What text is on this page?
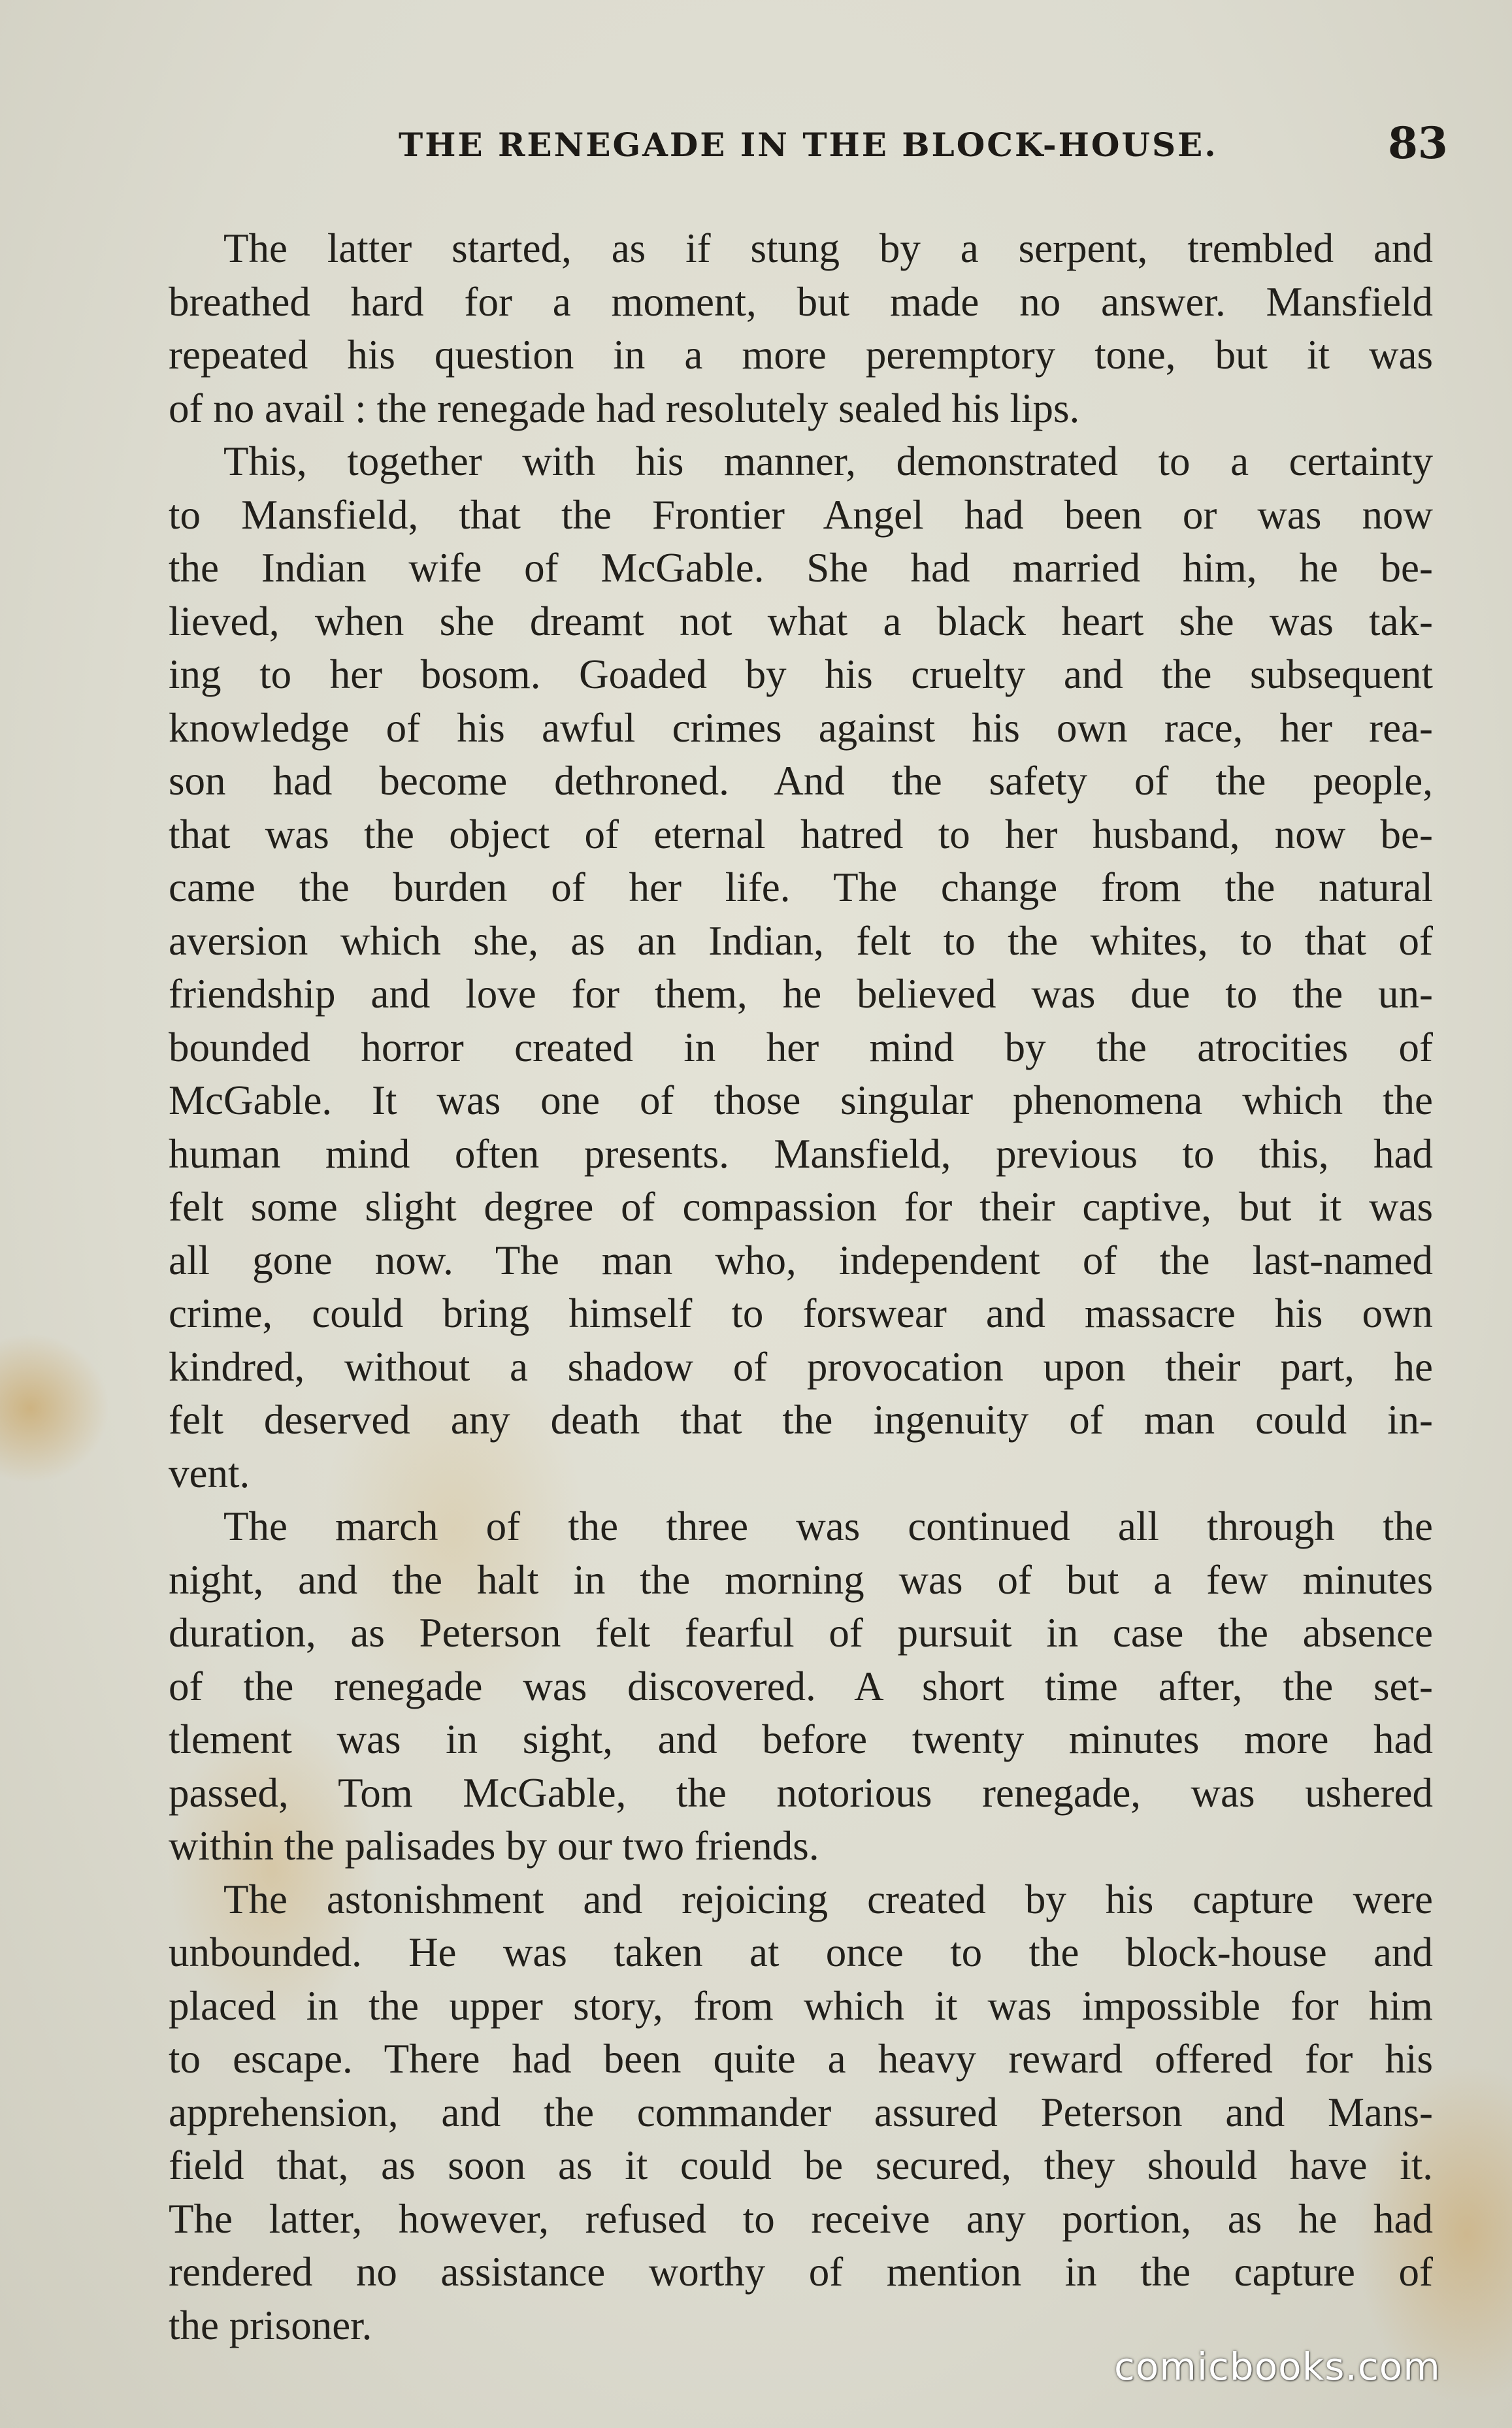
THE RENEGADE IN THE BLOCK-HOUSE.	83
The latter started, as if stung by a serpent, trembled and
breathed hard for a moment, but made no answer. Mansfield
repeated his question in a more peremptory tone, but it was
of no avail : the renegade had resolutely sealed his lips.
This, together with his manner, demonstrated to a certainty
to Mansfield, that the Frontier Angel had been or was now
the Indian wife of McGable. She had married him, he be-
lieved, when she dreamt not what a black heart she was tak-
ing to her bosom. Goaded by his cruelty and the subsequent
knowledge of his awful crimes against his own race, her rea-
son had become dethroned. And the safety of the people,
that was the object of eternal hatred to her husband, now be-
came the burden of her life. The change from the natural
aversion which she, as an Indian, felt to the whites, to that of
friendship and love for them, he believed was due to the un-
bounded horror created in her mind by the atrocities of
McGable. It was one of those singular phenomena which the
human mind often presents. Mansfield, previous to this, had
felt some slight degree of compassion for their captive, but it was
all gone now. The man who, independent of the last-named
crime, could bring himself to forswear and massacre his own
kindred, without a shadow of provocation upon their part, he
felt deserved any death that the ingenuity of man could in-
vent.
The march of the three was continued all through the
night, and the halt in the morning was of but a few minutes
duration, as Peterson felt fearful of pursuit in case the absence
of the renegade was discovered. A short time after, the set-
tlement was in sight, and before twenty minutes more had
passed, Tom McGable, the notorious renegade, was ushered
within the palisades by our two friends.
The astonishment and rejoicing created by his capture were
unbounded. He was taken at once to the block-house and
placed in the upper story, from which it was impossible for him
to escape. There had been quite a heavy reward offered for his
apprehension, and the commander assured Peterson and Mans-
field that, as soon as it could be secured, they should have it.
The latter, however, refused to receive any portion, as he had
rendered no assistance worthy of mention in the capture of
the prisoner.
comicbooks.com
